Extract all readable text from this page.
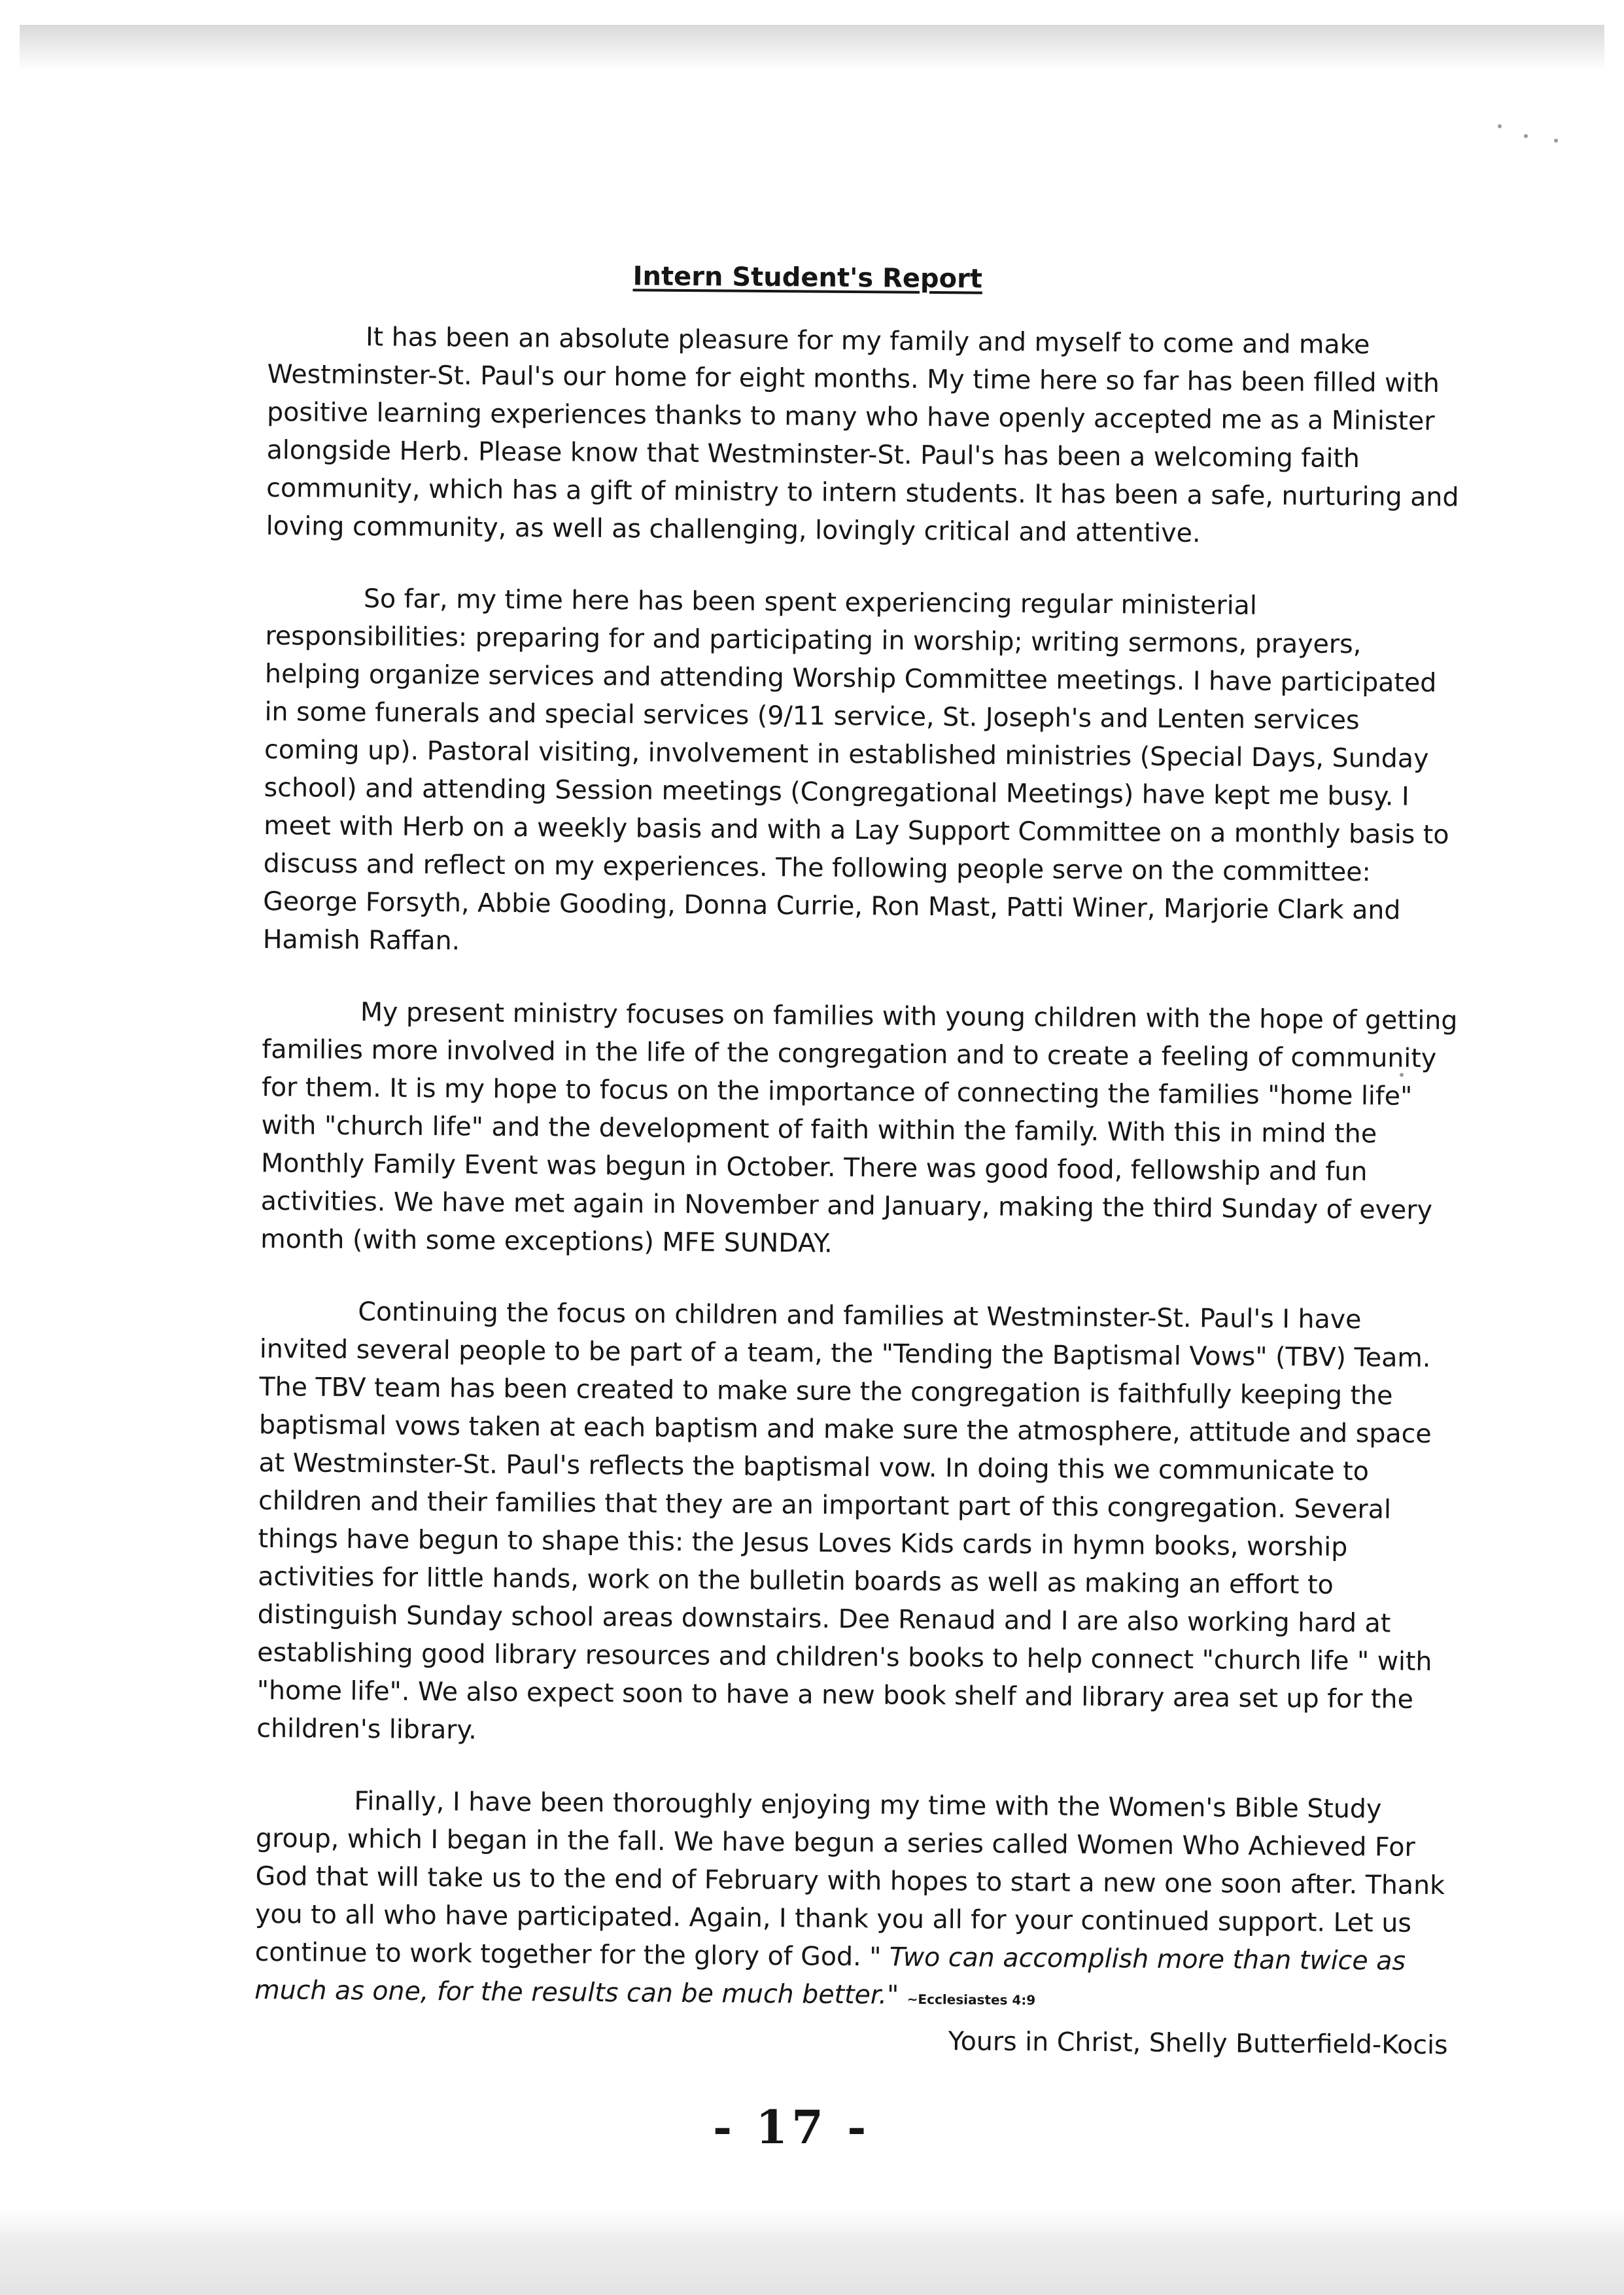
Intern Student's Report

It has been an absolute pleasure for my family and myself to come and make Westminster-St. Paul's our home for eight months. My time here so far has been filled with positive learning experiences thanks to many who have openly accepted me as a Minister alongside Herb. Please know that Westminster-St. Paul's has been a welcoming faith community, which has a gift of ministry to intern students. It has been a safe, nurturing and loving community, as well as challenging, lovingly critical and attentive.

So far, my time here has been spent experiencing regular ministerial responsibilities: preparing for and participating in worship; writing sermons, prayers, helping organize services and attending Worship Committee meetings. I have participated in some funerals and special services (9/11 service, St. Joseph's and Lenten services coming up). Pastoral visiting, involvement in established ministries (Special Days, Sunday school) and attending Session meetings (Congregational Meetings) have kept me busy. I meet with Herb on a weekly basis and with a Lay Support Committee on a monthly basis to discuss and reflect on my experiences. The following people serve on the committee: George Forsyth, Abbie Gooding, Donna Currie, Ron Mast, Patti Winer, Marjorie Clark and Hamish Raffan.

My present ministry focuses on families with young children with the hope of getting families more involved in the life of the congregation and to create a feeling of community for them. It is my hope to focus on the importance of connecting the families "home life" with "church life" and the development of faith within the family. With this in mind the Monthly Family Event was begun in October. There was good food, fellowship and fun activities. We have met again in November and January, making the third Sunday of every month (with some exceptions) MFE SUNDAY.

Continuing the focus on children and families at Westminster-St. Paul's I have invited several people to be part of a team, the "Tending the Baptismal Vows" (TBV) Team. The TBV team has been created to make sure the congregation is faithfully keeping the baptismal vows taken at each baptism and make sure the atmosphere, attitude and space at Westminster-St. Paul's reflects the baptismal vow. In doing this we communicate to children and their families that they are an important part of this congregation. Several things have begun to shape this: the Jesus Loves Kids cards in hymn books, worship activities for little hands, work on the bulletin boards as well as making an effort to distinguish Sunday school areas downstairs. Dee Renaud and I are also working hard at establishing good library resources and children's books to help connect "church life " with "home life". We also expect soon to have a new book shelf and library area set up for the children's library.

Finally, I have been thoroughly enjoying my time with the Women's Bible Study group, which I began in the fall. We have begun a series called Women Who Achieved For God that will take us to the end of February with hopes to start a new one soon after. Thank you to all who have participated. Again, I thank you all for your continued support. Let us continue to work together for the glory of God. " Two can accomplish more than twice as much as one, for the results can be much better." ~Ecclesiastes 4:9

Yours in Christ, Shelly Butterfield-Kocis
- 17 -
